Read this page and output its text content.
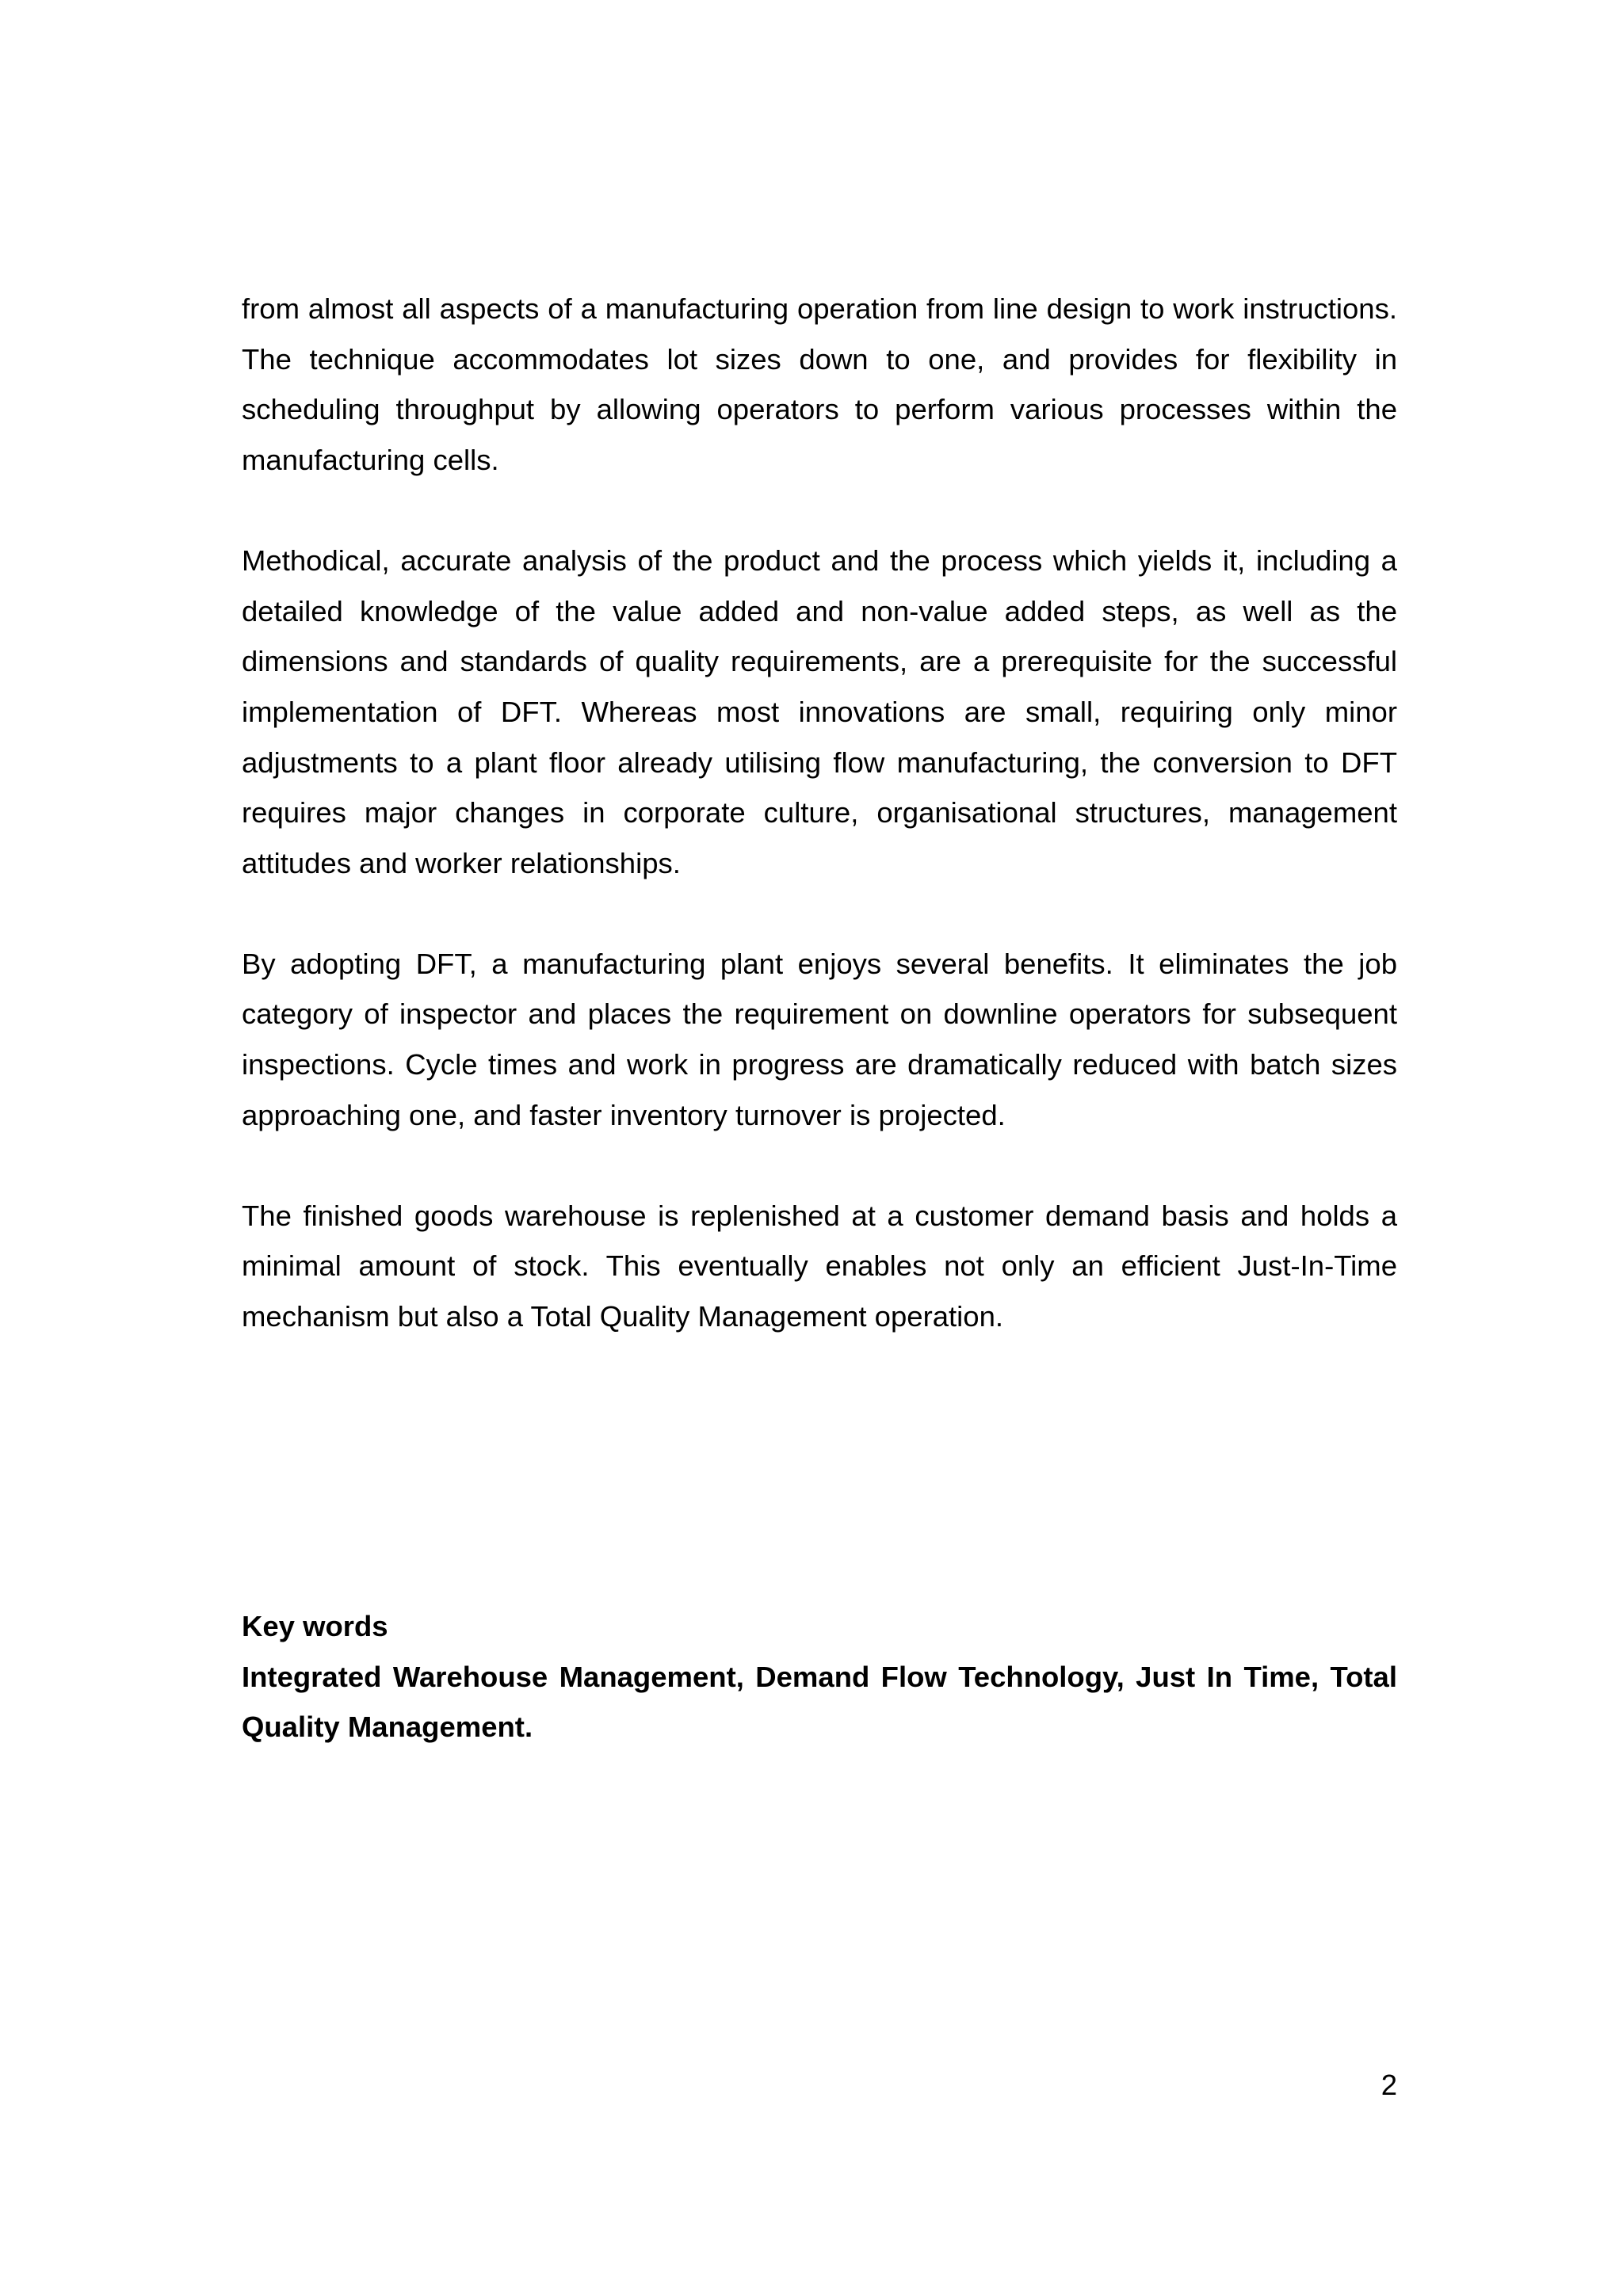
from almost all aspects of a manufacturing operation from line design to work instructions. The technique accommodates lot sizes down to one, and provides for flexibility in scheduling throughput by allowing operators to perform various processes within the manufacturing cells.

Methodical, accurate analysis of the product and the process which yields it, including a detailed knowledge of the value added and non-value added steps, as well as the dimensions and standards of quality requirements, are a prerequisite for the successful implementation of DFT. Whereas most innovations are small, requiring only minor adjustments to a plant floor already utilising flow manufacturing, the conversion to DFT requires major changes in corporate culture, organisational structures, management attitudes and worker relationships.

By adopting DFT, a manufacturing plant enjoys several benefits. It eliminates the job category of inspector and places the requirement on downline operators for subsequent inspections. Cycle times and work in progress are dramatically reduced with batch sizes approaching one, and faster inventory turnover is projected.

The finished goods warehouse is replenished at a customer demand basis and holds a minimal amount of stock. This eventually enables not only an efficient Just-In-Time mechanism but also a Total Quality Management operation.

Key words

Integrated Warehouse Management, Demand Flow Technology, Just In Time, Total Quality Management.

2
